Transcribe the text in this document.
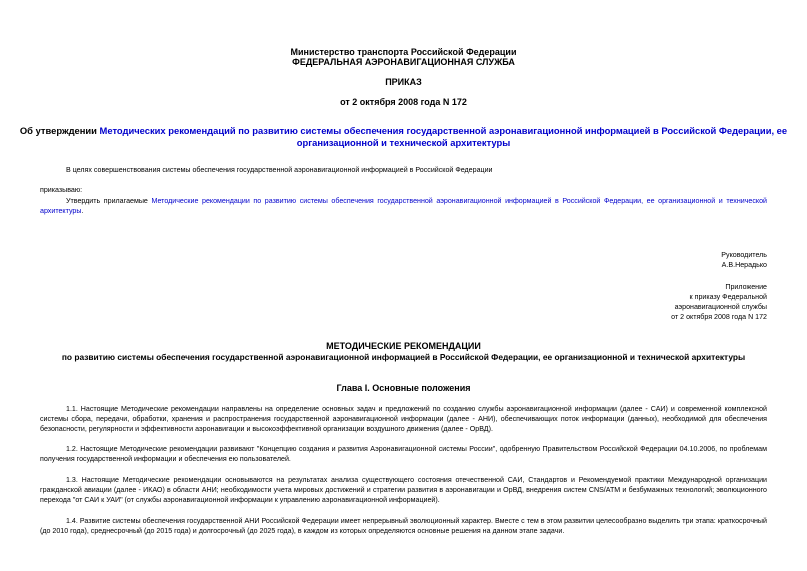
Министерство транспорта Российской Федерации
ФЕДЕРАЛЬНАЯ АЭРОНАВИГАЦИОННАЯ СЛУЖБА
ПРИКАЗ
от 2 октября 2008 года N 172
Об утверждении Методических рекомендаций по развитию системы обеспечения государственной аэронавигационной информацией в Российской Федерации, ее
организационной и технической архитектуры
В целях совершенствования системы обеспечения государственной аэронавигационной информацией в Российской Федерации
приказываю:
Утвердить прилагаемые Методические рекомендации по развитию системы обеспечения государственной аэронавигационной информацией в Российской Федерации, ее организационной и технической архитектуры.
Руководитель
А.В.Нерадько
Приложение
к приказу Федеральной
аэронавигационной службы
от 2 октября 2008 года N 172
МЕТОДИЧЕСКИЕ РЕКОМЕНДАЦИИ
по развитию системы обеспечения государственной аэронавигационной информацией в Российской Федерации, ее организационной и технической архитектуры
Глава I. Основные положения
1.1. Настоящие Методические рекомендации направлены на определение основных задач и предложений по созданию службы аэронавигационной информации (далее - САИ) и современной комплексной системы сбора, передачи, обработки, хранения и распространения государственной аэронавигационной информации (далее - АНИ), обеспечивающих поток информации (данных), необходимой для обеспечения безопасности, регулярности и эффективности аэронавигации и высокоэффективной организации воздушного движения (далее - ОрВД).
1.2. Настоящие Методические рекомендации развивают "Концепцию создания и развития Аэронавигационной системы России", одобренную Правительством Российской Федерации 04.10.2006, по проблемам получения государственной информации и обеспечения ею пользователей.
1.3. Настоящие Методические рекомендации основываются на результатах анализа существующего состояния отечественной САИ, Стандартов и Рекомендуемой практики Международной организации гражданской авиации (далее - ИКАО) в области АНИ; необходимости учета мировых достижений и стратегии развития в аэронавигации и ОрВД, внедрения систем CNS/ATM и безбумажных технологий; эволюционного перехода "от САИ к УАИ" (от службы аэронавигационной информации к управлению аэронавигационной информацией).
1.4. Развитие системы обеспечения государственной АНИ Российской Федерации имеет непрерывный эволюционный характер. Вместе с тем в этом развитии целесообразно выделить три этапа: краткосрочный (до 2010 года), среднесрочный (до 2015 года) и долгосрочный (до 2025 года), в каждом из которых определяются основные решения на данном этапе задачи.
